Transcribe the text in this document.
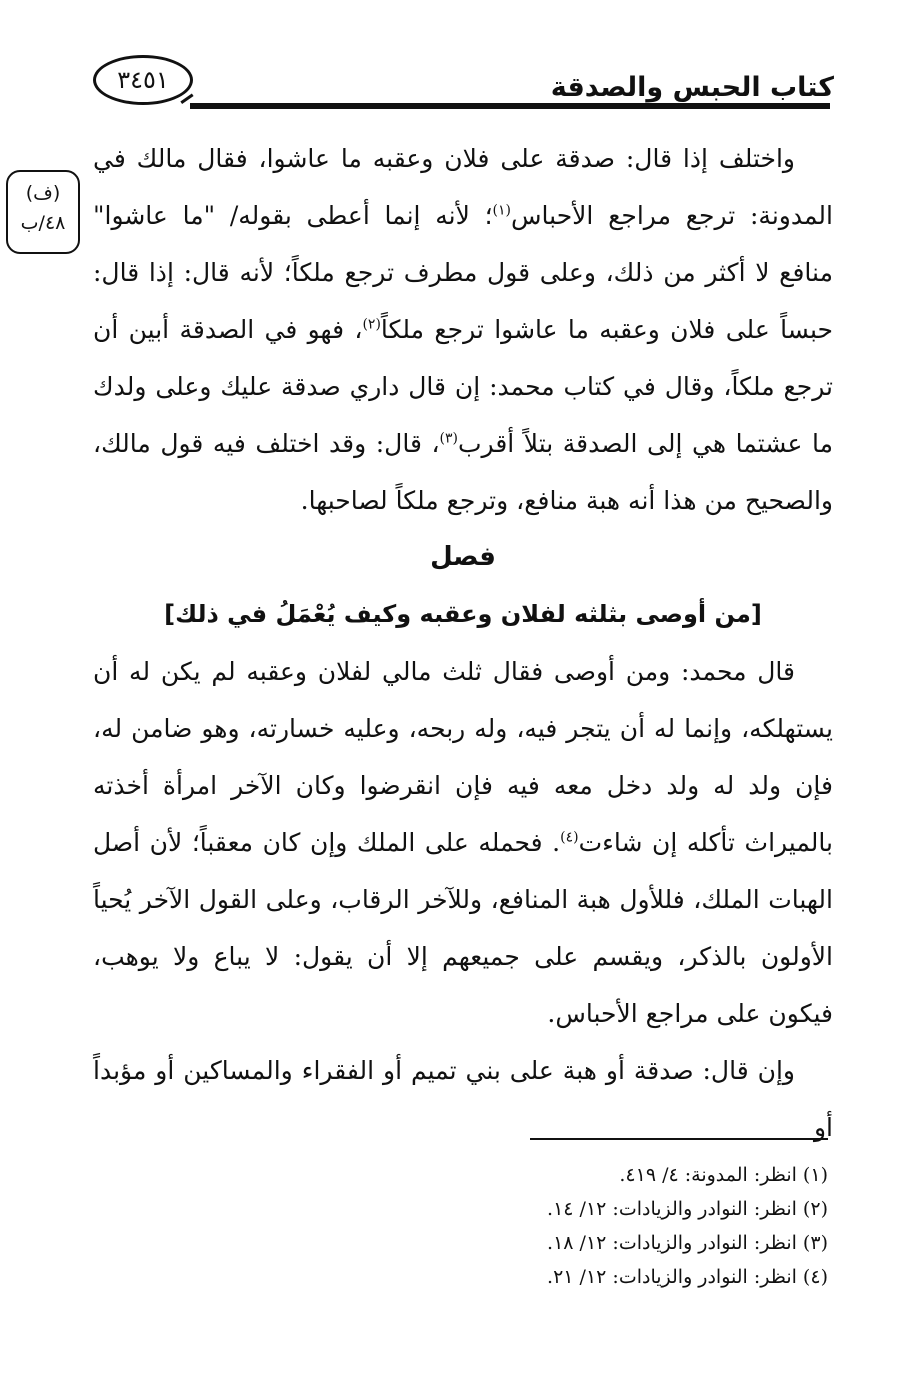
كتاب الحبس والصدقة
٣٤٥١
(ف)
٤٨/ب

واختلف إذا قال: صدقة على فلان وعقبه ما عاشوا، فقال مالك في المدونة: ترجع مراجع الأحباس$^{(١)}$؛ لأنه إنما أعطى بقوله/ "ما عاشوا" منافع لا أكثر من ذلك، وعلى قول مطرف ترجع ملكاً؛ لأنه قال: إذا قال: حبساً على فلان وعقبه ما عاشوا ترجع ملكاً$^{(٢)}$، فهو في الصدقة أبين أن ترجع ملكاً، وقال في كتاب محمد: إن قال داري صدقة عليك وعلى ولدك ما عشتما هي إلى الصدقة بتلاً أقرب$^{(٣)}$، قال: وقد اختلف فيه قول مالك، والصحيح من هذا أنه هبة منافع، وترجع ملكاً لصاحبها.

فصل
[من أوصى بثلثه لفلان وعقبه وكيف يُعْمَلُ في ذلك]

قال محمد: ومن أوصى فقال ثلث مالي لفلان وعقبه لم يكن له أن يستهلكه، وإنما له أن يتجر فيه، وله ربحه، وعليه خسارته، وهو ضامن له، فإن ولد له ولد دخل معه فيه فإن انقرضوا وكان الآخر امرأة أخذته بالميراث تأكله إن شاءت$^{(٤)}$. فحمله على الملك وإن كان معقباً؛ لأن أصل الهبات الملك، فللأول هبة المنافع، وللآخر الرقاب، وعلى القول الآخر يُحياً الأولون بالذكر، ويقسم على جميعهم إلا أن يقول: لا يباع ولا يوهب، فيكون على مراجع الأحباس.

وإن قال: صدقة أو هبة على بني تميم أو الفقراء والمساكين أو مؤبداً أو

(١) انظر: المدونة: ٤/ ٤١٩.
(٢) انظر: النوادر والزيادات: ١٢/ ١٤.
(٣) انظر: النوادر والزيادات: ١٢/ ١٨.
(٤) انظر: النوادر والزيادات: ١٢/ ٢١.
